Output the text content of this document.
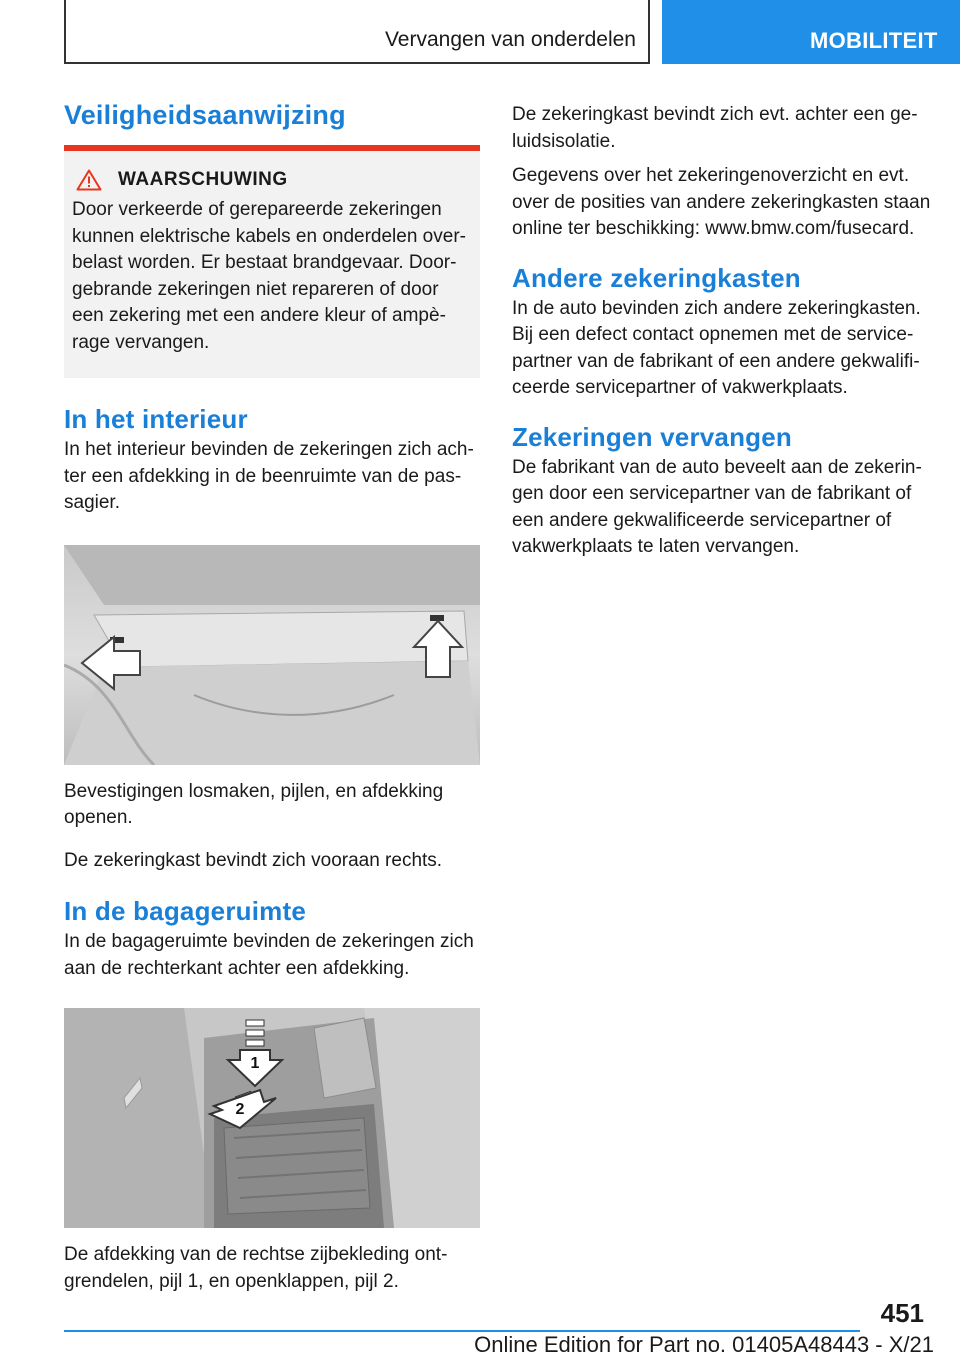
Vervangen van onderdelen	MOBILITEIT
Veiligheidsaanwijzing
WAARSCHUWING

Door verkeerde of gerepareerde zekeringen kunnen elektrische kabels en onderdelen overbelast worden. Er bestaat brandgevaar. Doorgebrande zekeringen niet repareren of door een zekering met een andere kleur of ampèrage vervangen.

In het interieur

In het interieur bevinden de zekeringen zich achter een afdekking in de beenruimte van de passagier.

Bevestigingen losmaken, pijlen, en afdekking openen.

De zekeringkast bevindt zich vooraan rechts.

In de bagageruimte

In de bagageruimte bevinden de zekeringen zich aan de rechterkant achter een afdekking.

1
2

De afdekking van de rechtse zijbekleding ontgrendelen, pijl 1, en openklappen, pijl 2.

De zekeringkast bevindt zich evt. achter een geluidsisolatie.

Gegevens over het zekeringenoverzicht en evt. over de posities van andere zekeringkasten staan online ter beschikking: www.bmw.com/fusecard.

Andere zekeringkasten

In de auto bevinden zich andere zekeringkasten. Bij een defect contact opnemen met de servicepartner van de fabrikant of een andere gekwalificeerde servicepartner of vakwerkplaats.

Zekeringen vervangen

De fabrikant van de auto beveelt aan de zekeringen door een servicepartner van de fabrikant of een andere gekwalificeerde servicepartner of vakwerkplaats te laten vervangen.

451
Online Edition for Part no. 01405A48443 - X/21
